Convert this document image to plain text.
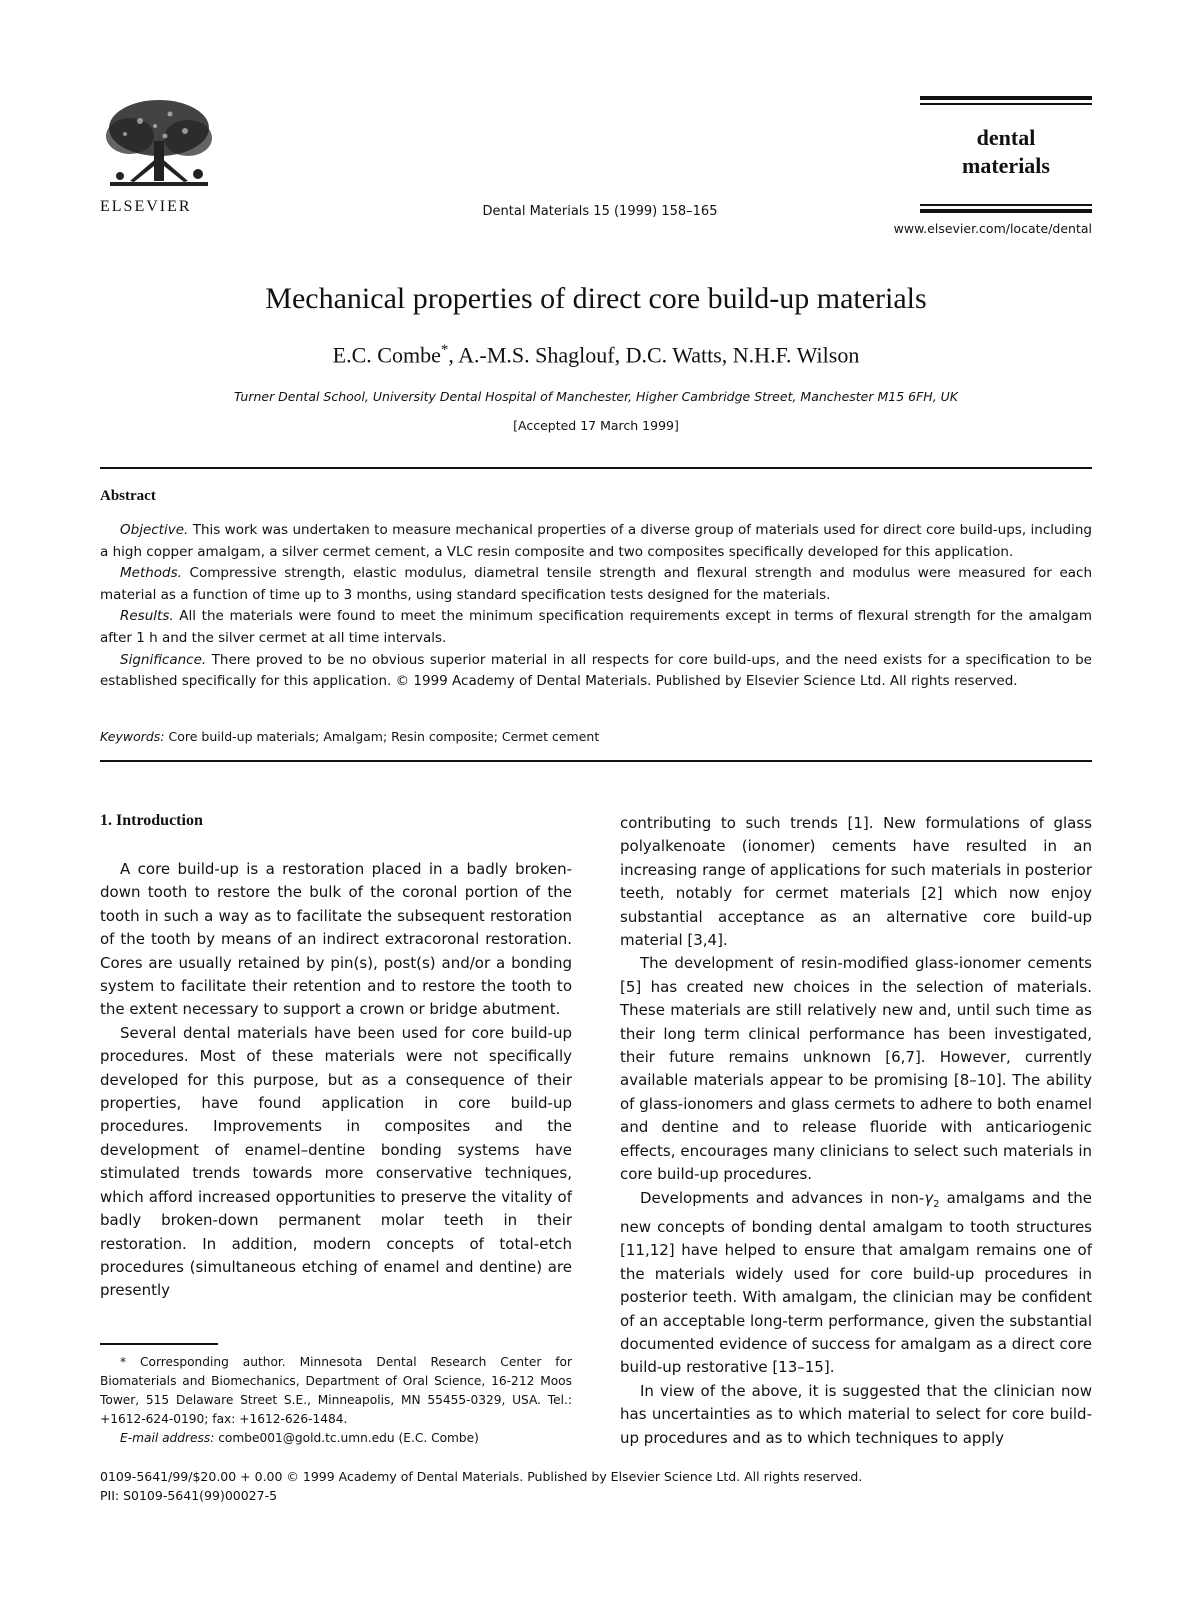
ELSEVIER	Dental Materials 15 (1999) 158–165
dental
materials
www.elsevier.com/locate/dental
Mechanical properties of direct core build-up materials
E.C. Combe*, A.-M.S. Shaglouf, D.C. Watts, N.H.F. Wilson
Turner Dental School, University Dental Hospital of Manchester, Higher Cambridge Street, Manchester M15 6FH, UK
[Accepted 17 March 1999]
Abstract

Objective. This work was undertaken to measure mechanical properties of a diverse group of materials used for direct core build-ups, including a high copper amalgam, a silver cermet cement, a VLC resin composite and two composites specifically developed for this application.

Methods. Compressive strength, elastic modulus, diametral tensile strength and flexural strength and modulus were measured for each material as a function of time up to 3 months, using standard specification tests designed for the materials.

Results. All the materials were found to meet the minimum specification requirements except in terms of flexural strength for the amalgam after 1 h and the silver cermet at all time intervals.

Significance. There proved to be no obvious superior material in all respects for core build-ups, and the need exists for a specification to be established specifically for this application. © 1999 Academy of Dental Materials. Published by Elsevier Science Ltd. All rights reserved.

Keywords: Core build-up materials; Amalgam; Resin composite; Cermet cement
1. Introduction

A core build-up is a restoration placed in a badly broken-down tooth to restore the bulk of the coronal portion of the tooth in such a way as to facilitate the subsequent restoration of the tooth by means of an indirect extracoronal restoration. Cores are usually retained by pin(s), post(s) and/or a bonding system to facilitate their retention and to restore the tooth to the extent necessary to support a crown or bridge abutment.

Several dental materials have been used for core build-up procedures. Most of these materials were not specifically developed for this purpose, but as a consequence of their properties, have found application in core build-up procedures. Improvements in composites and the development of enamel–dentine bonding systems have stimulated trends towards more conservative techniques, which afford increased opportunities to preserve the vitality of badly broken-down permanent molar teeth in their restoration. In addition, modern concepts of total-etch procedures (simultaneous etching of enamel and dentine) are presently

contributing to such trends [1]. New formulations of glass polyalkenoate (ionomer) cements have resulted in an increasing range of applications for such materials in posterior teeth, notably for cermet materials [2] which now enjoy substantial acceptance as an alternative core build-up material [3,4].

The development of resin-modified glass-ionomer cements [5] has created new choices in the selection of materials. These materials are still relatively new and, until such time as their long term clinical performance has been investigated, their future remains unknown [6,7]. However, currently available materials appear to be promising [8–10]. The ability of glass-ionomers and glass cermets to adhere to both enamel and dentine and to release fluoride with anticariogenic effects, encourages many clinicians to select such materials in core build-up procedures.

Developments and advances in non-$\gamma_2$ amalgams and the new concepts of bonding dental amalgam to tooth structures [11,12] have helped to ensure that amalgam remains one of the materials widely used for core build-up procedures in posterior teeth. With amalgam, the clinician may be confident of an acceptable long-term performance, given the substantial documented evidence of success for amalgam as a direct core build-up restorative [13–15].

In view of the above, it is suggested that the clinician now has uncertainties as to which material to select for core build-up procedures and as to which techniques to apply

* Corresponding author. Minnesota Dental Research Center for Biomaterials and Biomechanics, Department of Oral Science, 16-212 Moos Tower, 515 Delaware Street S.E., Minneapolis, MN 55455-0329, USA. Tel.: +1612-624-0190; fax: +1612-626-1484.

E-mail address: combe001@gold.tc.umn.edu (E.C. Combe)

0109-5641/99/$20.00 + 0.00 © 1999 Academy of Dental Materials. Published by Elsevier Science Ltd. All rights reserved.
PII: S0109-5641(99)00027-5
